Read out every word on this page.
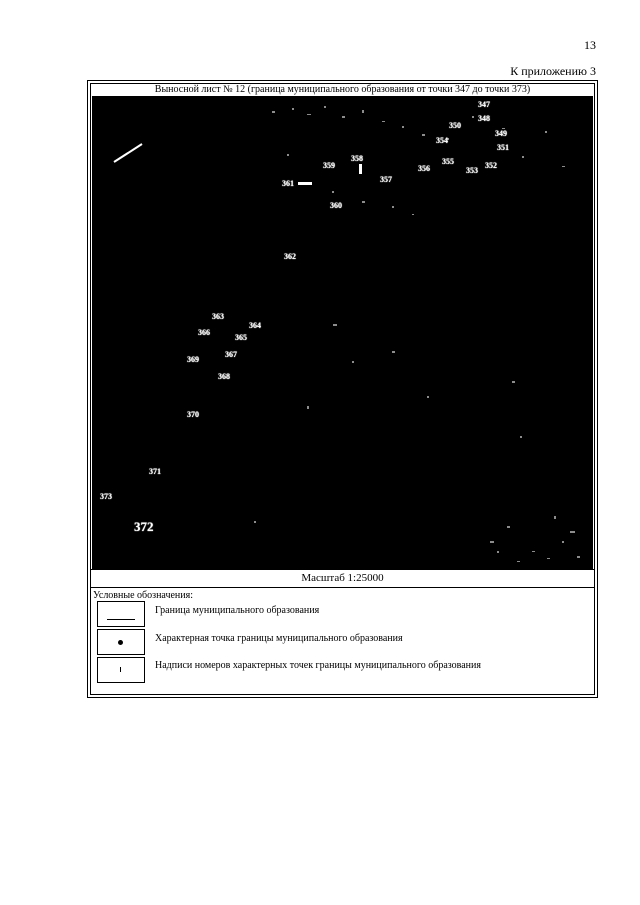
13
К приложению 3
Выносной лист № 12 (граница муниципального образования от точки 347 до точки 373)
347
348
349
350
351
352
353
354
355
356
357
358
359
360
361
362
363
364
365
366
367
368
369
370
371
372
373
Масштаб 1:25000
Условные обозначения:
Граница муниципального образования
Характерная точка границы муниципального образования
Надписи номеров характерных точек границы муниципального образования
